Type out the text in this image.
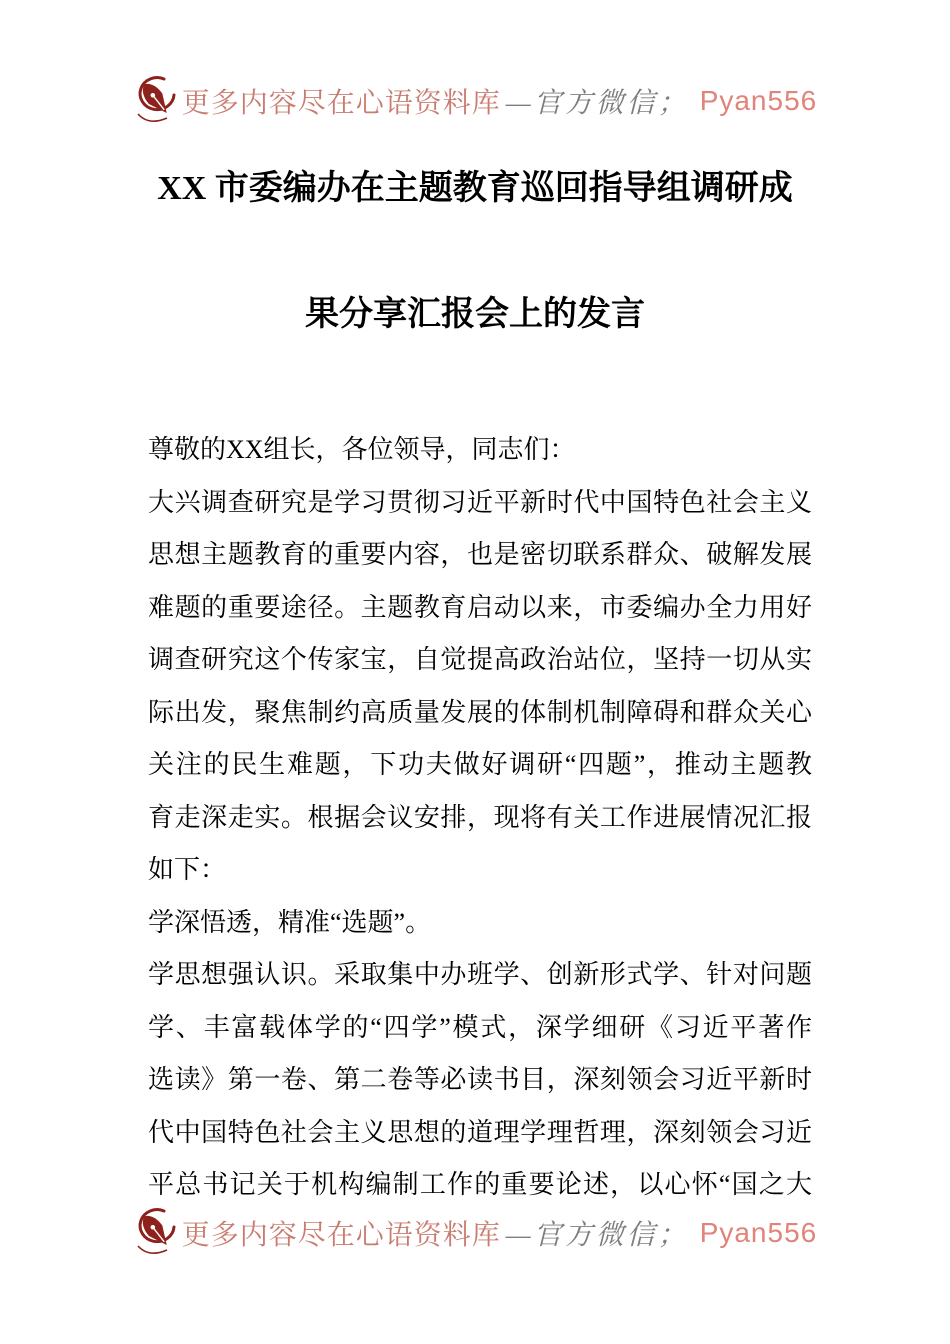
更多内容尽在心语资料库 —官方微信； Pyan556
XX 市委编办在主题教育巡回指导组调研成
果分享汇报会上的发言
尊敬的XX组长，各位领导，同志们：
大兴调查研究是学习贯彻习近平新时代中国特色社会主义
思想主题教育的重要内容，也是密切联系群众、破解发展
难题的重要途径。主题教育启动以来，市委编办全力用好
调查研究这个传家宝，自觉提高政治站位，坚持一切从实
际出发，聚焦制约高质量发展的体制机制障碍和群众关心
关注的民生难题，下功夫做好调研“四题”，推动主题教
育走深走实。根据会议安排，现将有关工作进展情况汇报
如下：
学深悟透，精准“选题”。
学思想强认识。采取集中办班学、创新形式学、针对问题
学、丰富载体学的“四学”模式，深学细研《习近平著作
选读》第一卷、第二卷等必读书目，深刻领会习近平新时
代中国特色社会主义思想的道理学理哲理，深刻领会习近
平总书记关于机构编制工作的重要论述，以心怀“国之大
更多内容尽在心语资料库 —官方微信； Pyan556
